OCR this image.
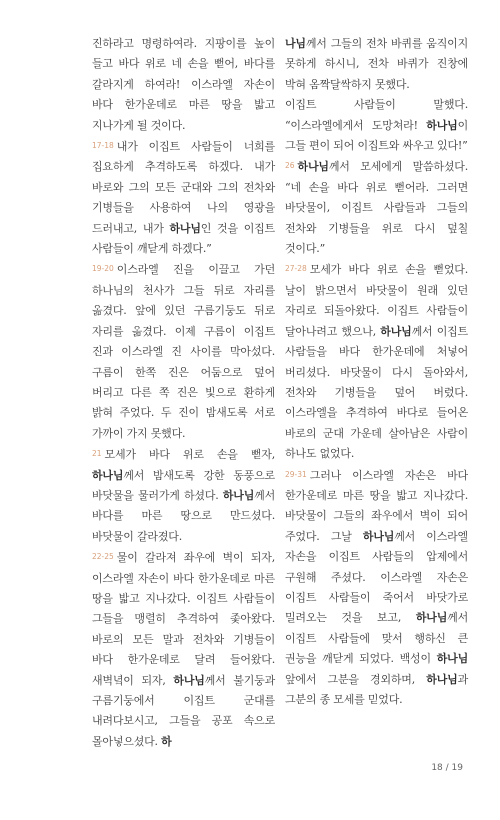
진하라고 명령하여라. 지팡이를 높이 들고 바다 위로 네 손을 뻗어, 바다를 갈라지게 하여라! 이스라엘 자손이 바다 한가운데로 마른 땅을 밟고 지나가게 될 것이다.

17-18 내가 이집트 사람들이 너희를 집요하게 추격하도록 하겠다. 내가 바로와 그의 모든 군대와 그의 전차와 기병들을 사용하여 나의 영광을 드러내고, 내가 하나님인 것을 이집트 사람들이 깨닫게 하겠다.”

19-20 이스라엘 진을 이끌고 가던 하나님의 천사가 그들 뒤로 자리를 옮겼다. 앞에 있던 구름기둥도 뒤로 자리를 옮겼다. 이제 구름이 이집트 진과 이스라엘 진 사이를 막아섰다. 구름이 한쪽 진은 어둠으로 덮어 버리고 다른 쪽 진은 빛으로 환하게 밝혀 주었다. 두 진이 밤새도록 서로 가까이 가지 못했다.

21 모세가 바다 위로 손을 뻗자, 하나님께서 밤새도록 강한 동풍으로 바닷물을 물러가게 하셨다. 하나님께서 바다를 마른 땅으로 만드셨다. 바닷물이 갈라졌다.

22-25 물이 갈라져 좌우에 벽이 되자, 이스라엘 자손이 바다 한가운데로 마른 땅을 밟고 지나갔다. 이집트 사람들이 그들을 맹렬히 추격하여 좇아왔다. 바로의 모든 말과 전차와 기병들이 바다 한가운데로 달려 들어왔다. 새벽녘이 되자, 하나님께서 불기둥과 구름기둥에서 이집트 군대를 내려다보시고, 그들을 공포 속으로 몰아넣으셨다. 하

나님께서 그들의 전차 바퀴를 움직이지 못하게 하시니, 전차 바퀴가 진창에 박혀 옴짝달싹하지 못했다.

이집트 사람들이 말했다. “이스라엘에게서 도망쳐라! 하나님이 그들 편이 되어 이집트와 싸우고 있다!”

26 하나님께서 모세에게 말씀하셨다. “네 손을 바다 위로 뻗어라. 그러면 바닷물이, 이집트 사람들과 그들의 전차와 기병들을 위로 다시 덮칠 것이다.”

27-28 모세가 바다 위로 손을 뻗었다. 날이 밝으면서 바닷물이 원래 있던 자리로 되돌아왔다. 이집트 사람들이 달아나려고 했으나, 하나님께서 이집트 사람들을 바다 한가운데에 처넣어 버리셨다. 바닷물이 다시 돌아와서, 전차와 기병들을 덮어 버렸다. 이스라엘을 추격하여 바다로 들어온 바로의 군대 가운데 살아남은 사람이 하나도 없었다.

29-31 그러나 이스라엘 자손은 바다 한가운데로 마른 땅을 밟고 지나갔다. 바닷물이 그들의 좌우에서 벽이 되어 주었다. 그날 하나님께서 이스라엘 자손을 이집트 사람들의 압제에서 구원해 주셨다. 이스라엘 자손은 이집트 사람들이 죽어서 바닷가로 밀려오는 것을 보고, 하나님께서 이집트 사람들에 맞서 행하신 큰 권능을 깨닫게 되었다. 백성이 하나님 앞에서 그분을 경외하며, 하나님과 그분의 종 모세를 믿었다.

18 / 19
